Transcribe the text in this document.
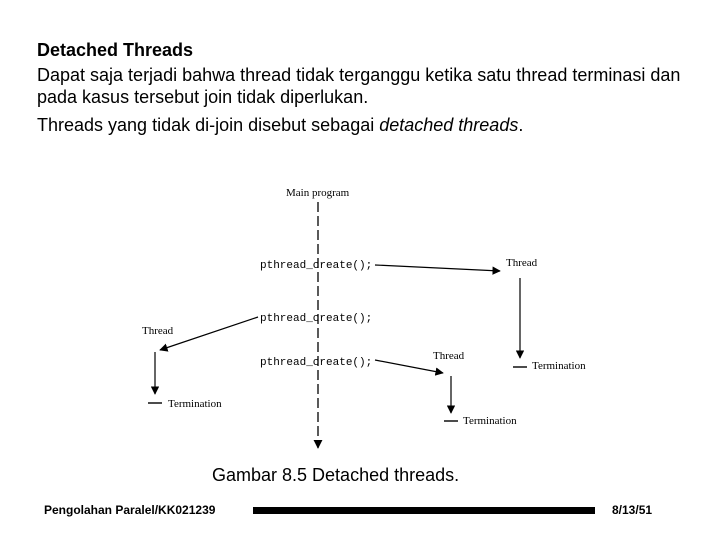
Detached Threads
Dapat saja terjadi bahwa thread tidak terganggu ketika satu thread terminasi dan pada kasus tersebut join tidak diperlukan.
Threads yang tidak di-join disebut sebagai detached threads.
Main program
pthread_create();
pthread_create();
pthread_create();
Thread
Termination
Thread
Termination
Thread
Termination
Gambar 8.5 Detached threads.
Pengolahan Paralel/KK021239	8/13/51
